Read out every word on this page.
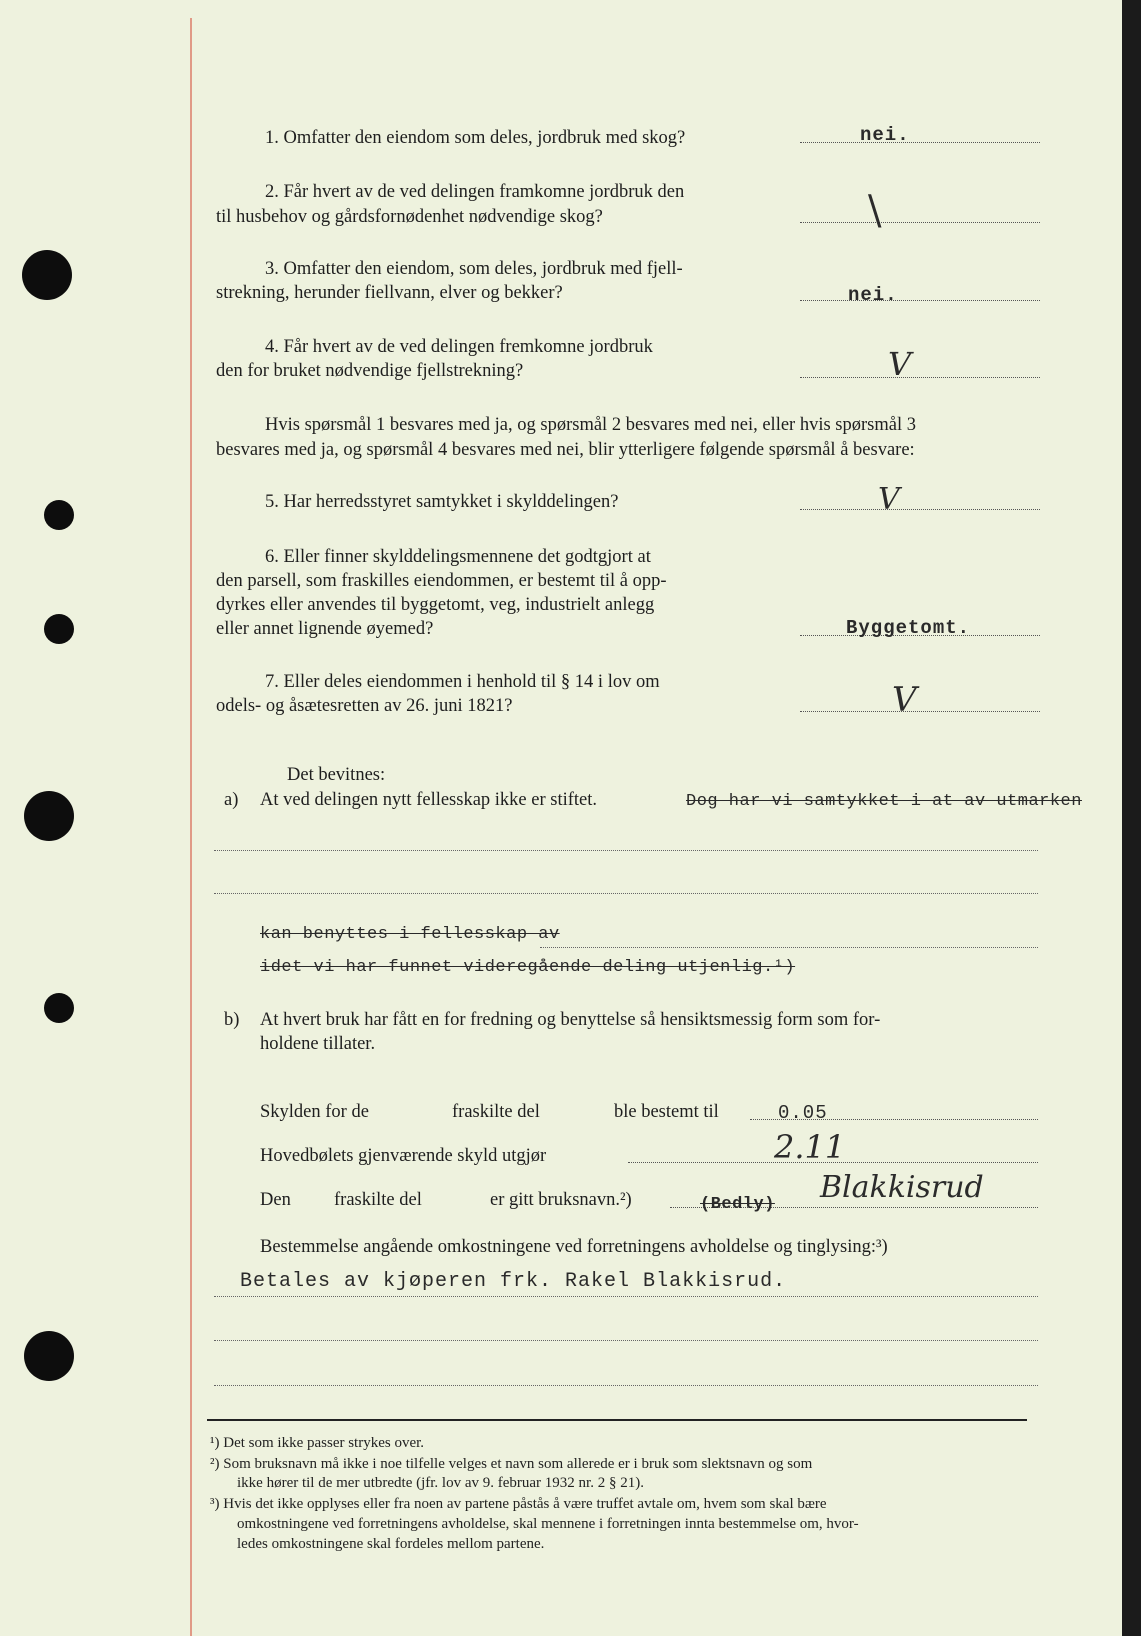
1. Omfatter den eiendom som deles, jordbruk med skog?	nei.
2. Får hvert av de ved delingen framkomne jordbruk den
til husbehov og gårdsfornødenhet nødvendige skog?	\
3. Omfatter den eiendom, som deles, jordbruk med fjell-
strekning, herunder fiellvann, elver og bekker?	nei.
4. Får hvert av de ved delingen fremkomne jordbruk
den for bruket nødvendige fjellstrekning?	V
Hvis spørsmål 1 besvares med ja, og spørsmål 2 besvares med nei, eller hvis spørsmål 3
besvares med ja, og spørsmål 4 besvares med nei, blir ytterligere følgende spørsmål å besvare:
5. Har herredsstyret samtykket i skylddelingen?	V
6. Eller finner skylddelingsmennene det godtgjort at
den parsell, som fraskilles eiendommen, er bestemt til å opp-
dyrkes eller anvendes til byggetomt, veg, industrielt anlegg
eller annet lignende øyemed?	Byggetomt.
7. Eller deles eiendommen i henhold til § 14 i lov om
odels- og åsætesretten av 26. juni 1821?	V
Det bevitnes:
a) At ved delingen nytt fellesskap ikke er stiftet.	Dog har vi samtykket i at av utmarken
kan benyttes i fellesskap av
idet vi har funnet videregående deling utjenlig.¹)
b) At hvert bruk har fått en for fredning og benyttelse så hensiktsmessig form som for-
holdene tillater.
Skylden for de	fraskilte del	ble bestemt til	0.05
Hovedbølets gjenværende skyld utgjør	2.11
Den fraskilte del	er gitt bruksnavn.²)	(Bedly) Blakkisrud
Bestemmelse angående omkostningene ved forretningens avholdelse og tinglysing:³)
Betales av kjøperen frk. Rakel Blakkisrud.
¹) Det som ikke passer strykes over.
²) Som bruksnavn må ikke i noe tilfelle velges et navn som allerede er i bruk som slektsnavn og som
ikke hører til de mer utbredte (jfr. lov av 9. februar 1932 nr. 2 § 21).
³) Hvis det ikke opplyses eller fra noen av partene påstås å være truffet avtale om, hvem som skal bære
omkostningene ved forretningens avholdelse, skal mennene i forretningen innta bestemmelse om, hvor-
ledes omkostningene skal fordeles mellom partene.
